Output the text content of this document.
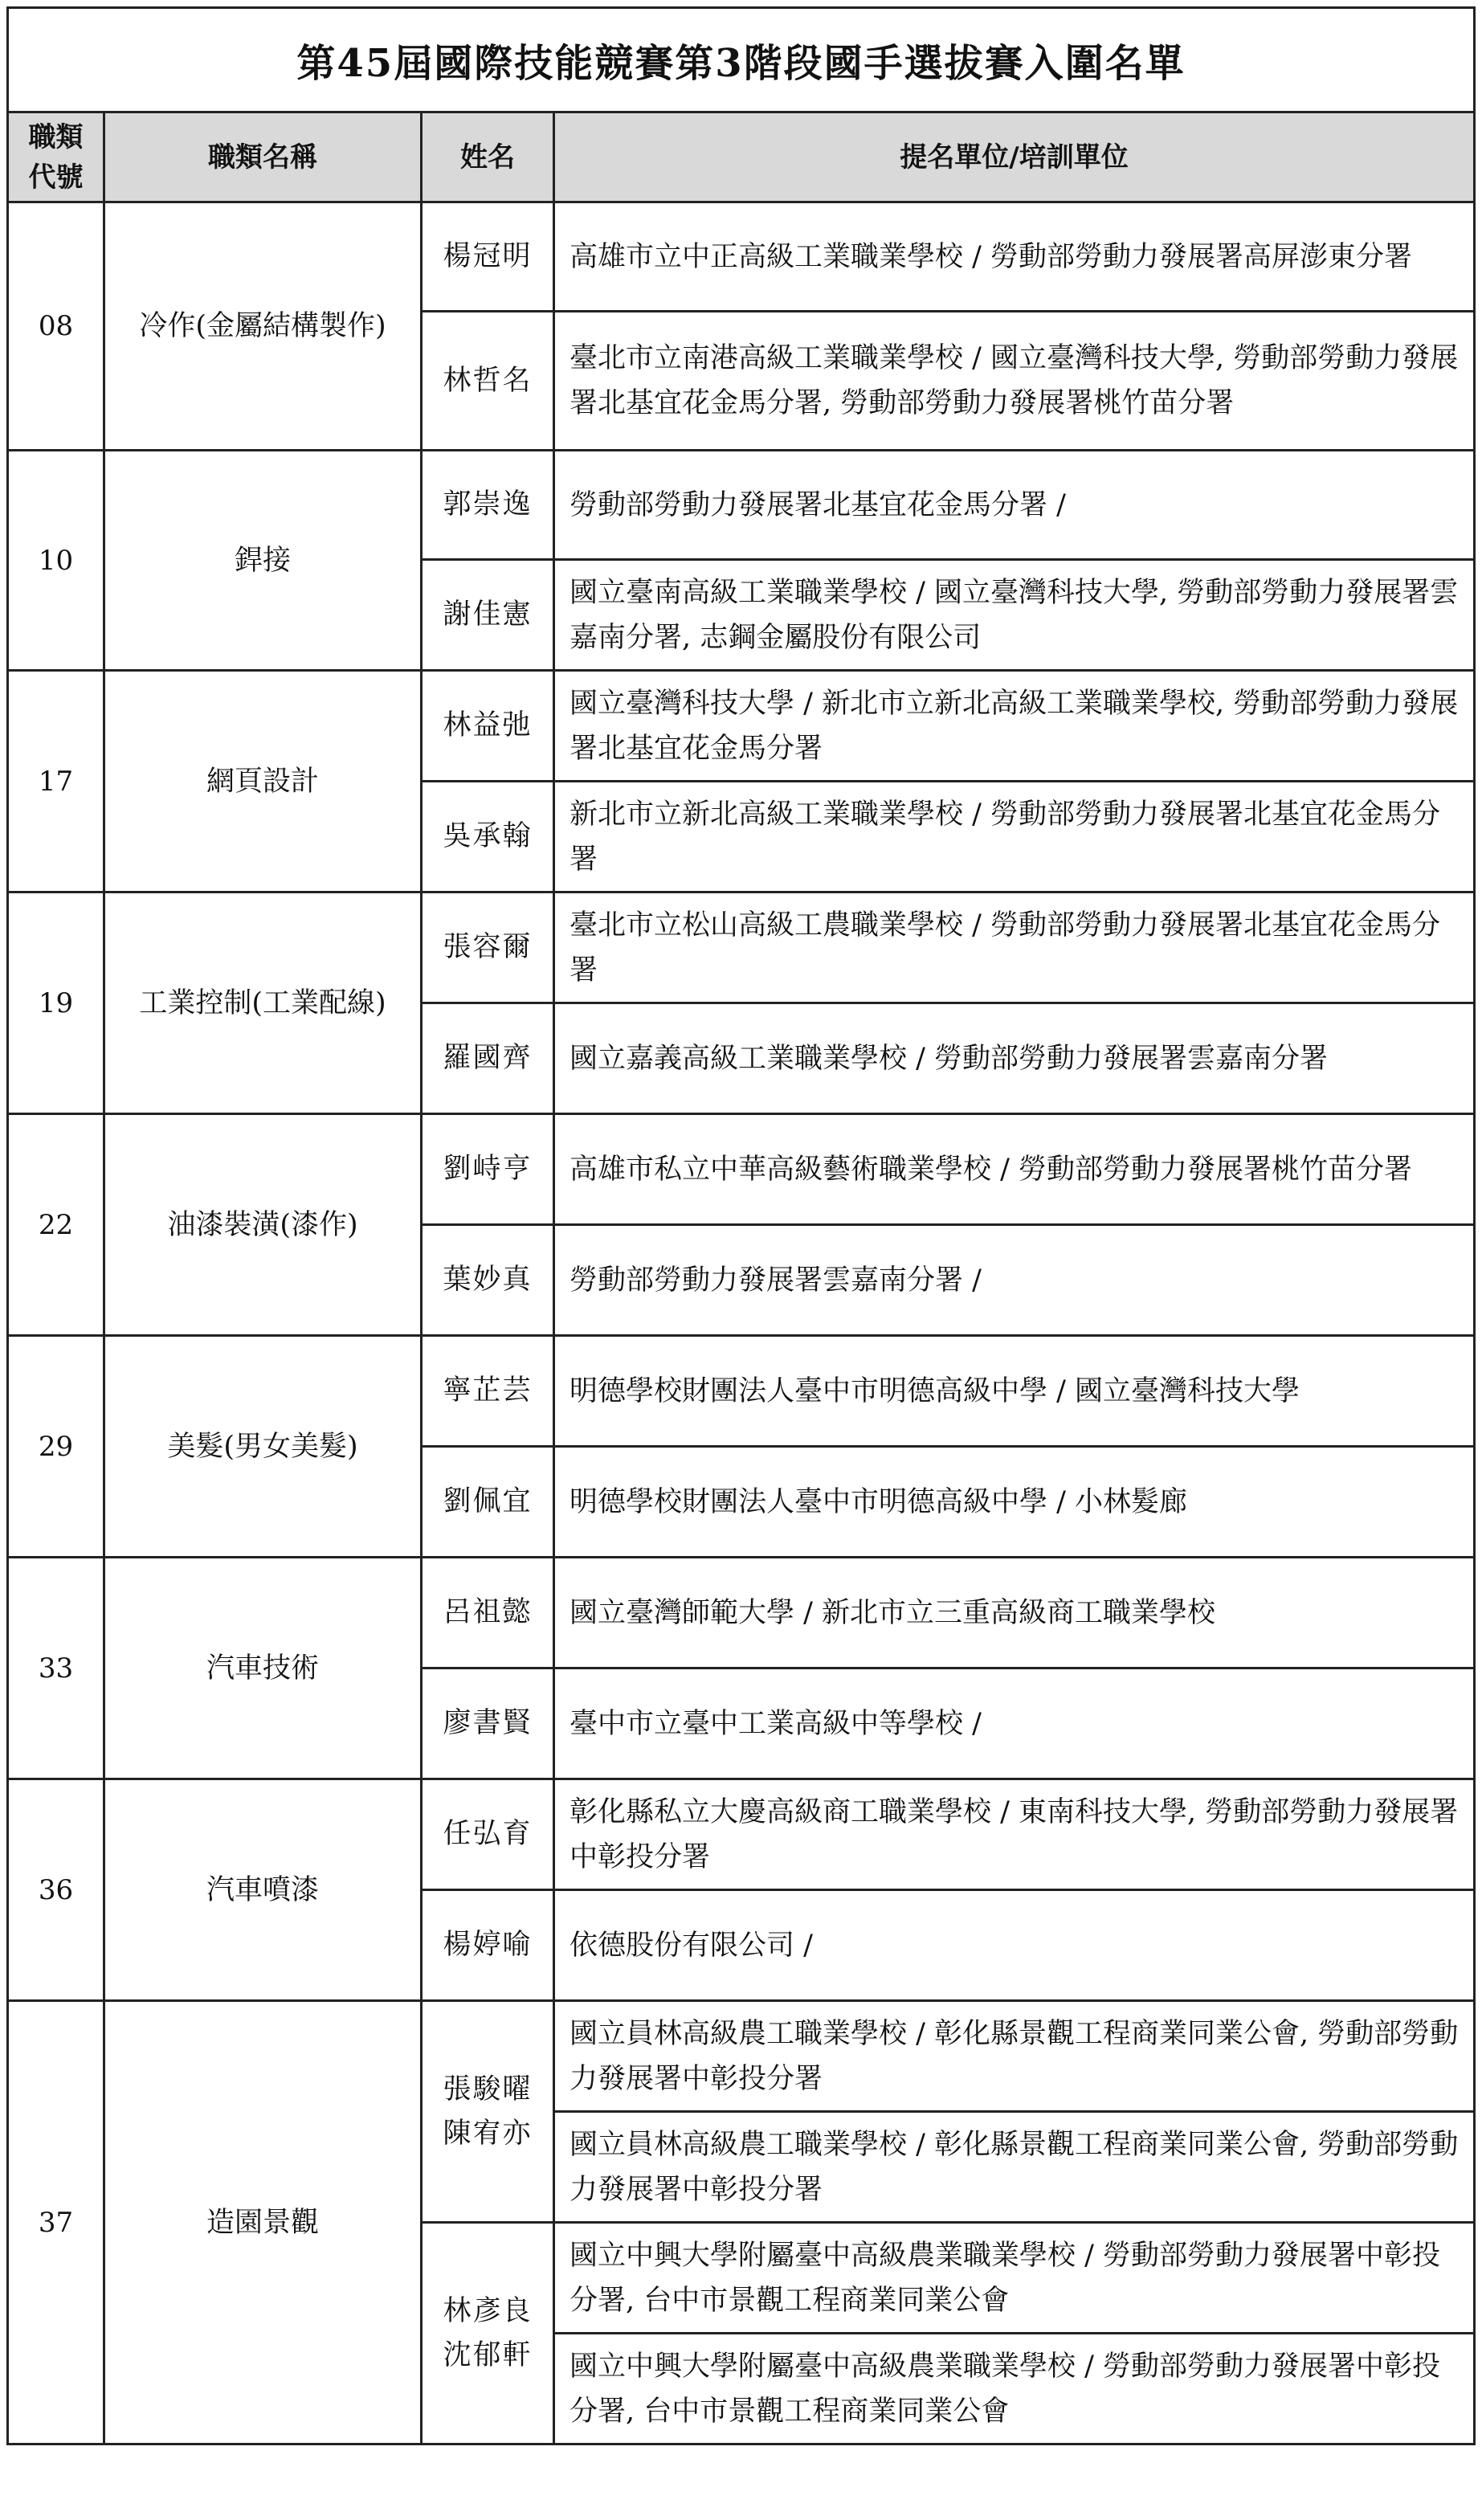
第45屆國際技能競賽第3階段國手選拔賽入圍名單			
職類代號	職類名稱	姓名	提名單位/培訓單位
08	冷作(金屬結構製作)	楊冠明	高雄市立中正高級工業職業學校 / 勞動部勞動力發展署高屏澎東分署
		林哲名	臺北市立南港高級工業職業學校 / 國立臺灣科技大學, 勞動部勞動力發展署北基宜花金馬分署, 勞動部勞動力發展署桃竹苗分署
10	銲接	郭崇逸	勞動部勞動力發展署北基宜花金馬分署 /
		謝佳憲	國立臺南高級工業職業學校 / 國立臺灣科技大學, 勞動部勞動力發展署雲嘉南分署, 志鋼金屬股份有限公司
17	網頁設計	林益弛	國立臺灣科技大學 / 新北市立新北高級工業職業學校, 勞動部勞動力發展署北基宜花金馬分署
		吳承翰	新北市立新北高級工業職業學校 / 勞動部勞動力發展署北基宜花金馬分署
19	工業控制(工業配線)	張容爾	臺北市立松山高級工農職業學校 / 勞動部勞動力發展署北基宜花金馬分署
		羅國齊	國立嘉義高級工業職業學校 / 勞動部勞動力發展署雲嘉南分署
22	油漆裝潢(漆作)	劉峙亨	高雄市私立中華高級藝術職業學校 / 勞動部勞動力發展署桃竹苗分署
		葉妙真	勞動部勞動力發展署雲嘉南分署 /
29	美髮(男女美髮)	寧芷芸	明德學校財團法人臺中市明德高級中學 / 國立臺灣科技大學
		劉佩宜	明德學校財團法人臺中市明德高級中學 / 小林髮廊
33	汽車技術	呂祖懿	國立臺灣師範大學 / 新北市立三重高級商工職業學校
		廖書賢	臺中市立臺中工業高級中等學校 /
36	汽車噴漆	任弘育	彰化縣私立大慶高級商工職業學校 / 東南科技大學, 勞動部勞動力發展署中彰投分署
		楊婷喻	依德股份有限公司 /
37	造園景觀	張駿曜 陳宥亦	國立員林高級農工職業學校 / 彰化縣景觀工程商業同業公會, 勞動部勞動力發展署中彰投分署
			國立員林高級農工職業學校 / 彰化縣景觀工程商業同業公會, 勞動部勞動力發展署中彰投分署
		林彥良 沈郁軒	國立中興大學附屬臺中高級農業職業學校 / 勞動部勞動力發展署中彰投分署, 台中市景觀工程商業同業公會
			國立中興大學附屬臺中高級農業職業學校 / 勞動部勞動力發展署中彰投分署, 台中市景觀工程商業同業公會
